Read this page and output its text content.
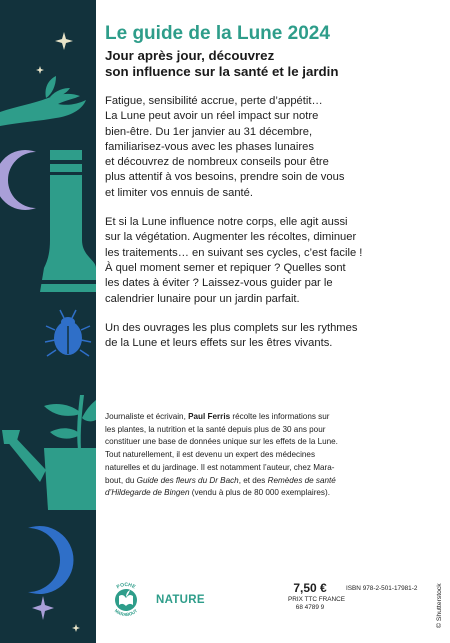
Le guide de la Lune 2024
Jour après jour, découvrez
son influence sur la santé et le jardin

Fatigue, sensibilité accrue, perte d’appétit…
La Lune peut avoir un réel impact sur notre
bien-être. Du 1er janvier au 31 décembre,
familiarisez-vous avec les phases lunaires
et découvrez de nombreux conseils pour être
plus attentif à vos besoins, prendre soin de vous
et limiter vos ennuis de santé.

Et si la Lune influence notre corps, elle agit aussi
sur la végétation. Augmenter les récoltes, diminuer
les traitements… en suivant ses cycles, c’est facile !
À quel moment semer et repiquer ? Quelles sont
les dates à éviter ? Laissez-vous guider par le
calendrier lunaire pour un jardin parfait.

Un des ouvrages les plus complets sur les rythmes
de la Lune et leurs effets sur les êtres vivants.

Journaliste et écrivain, Paul Ferris récolte les informations sur
les plantes, la nutrition et la santé depuis plus de 30 ans pour
constituer une base de données unique sur les effets de la Lune.
Tout naturellement, il est devenu un expert des médecines
naturelles et du jardinage. Il est notamment l’auteur, chez Mara-
bout, du Guide des fleurs du Dr Bach, et des Remèdes de santé
d’Hildegarde de Bingen (vendu à plus de 80 000 exemplaires).
POCHE
MARABOUT
NATURE
7,50 €
PRIX TTC FRANCE
68 4789 9
ISBN 978-2-501-17981-2	© Shutterstock
